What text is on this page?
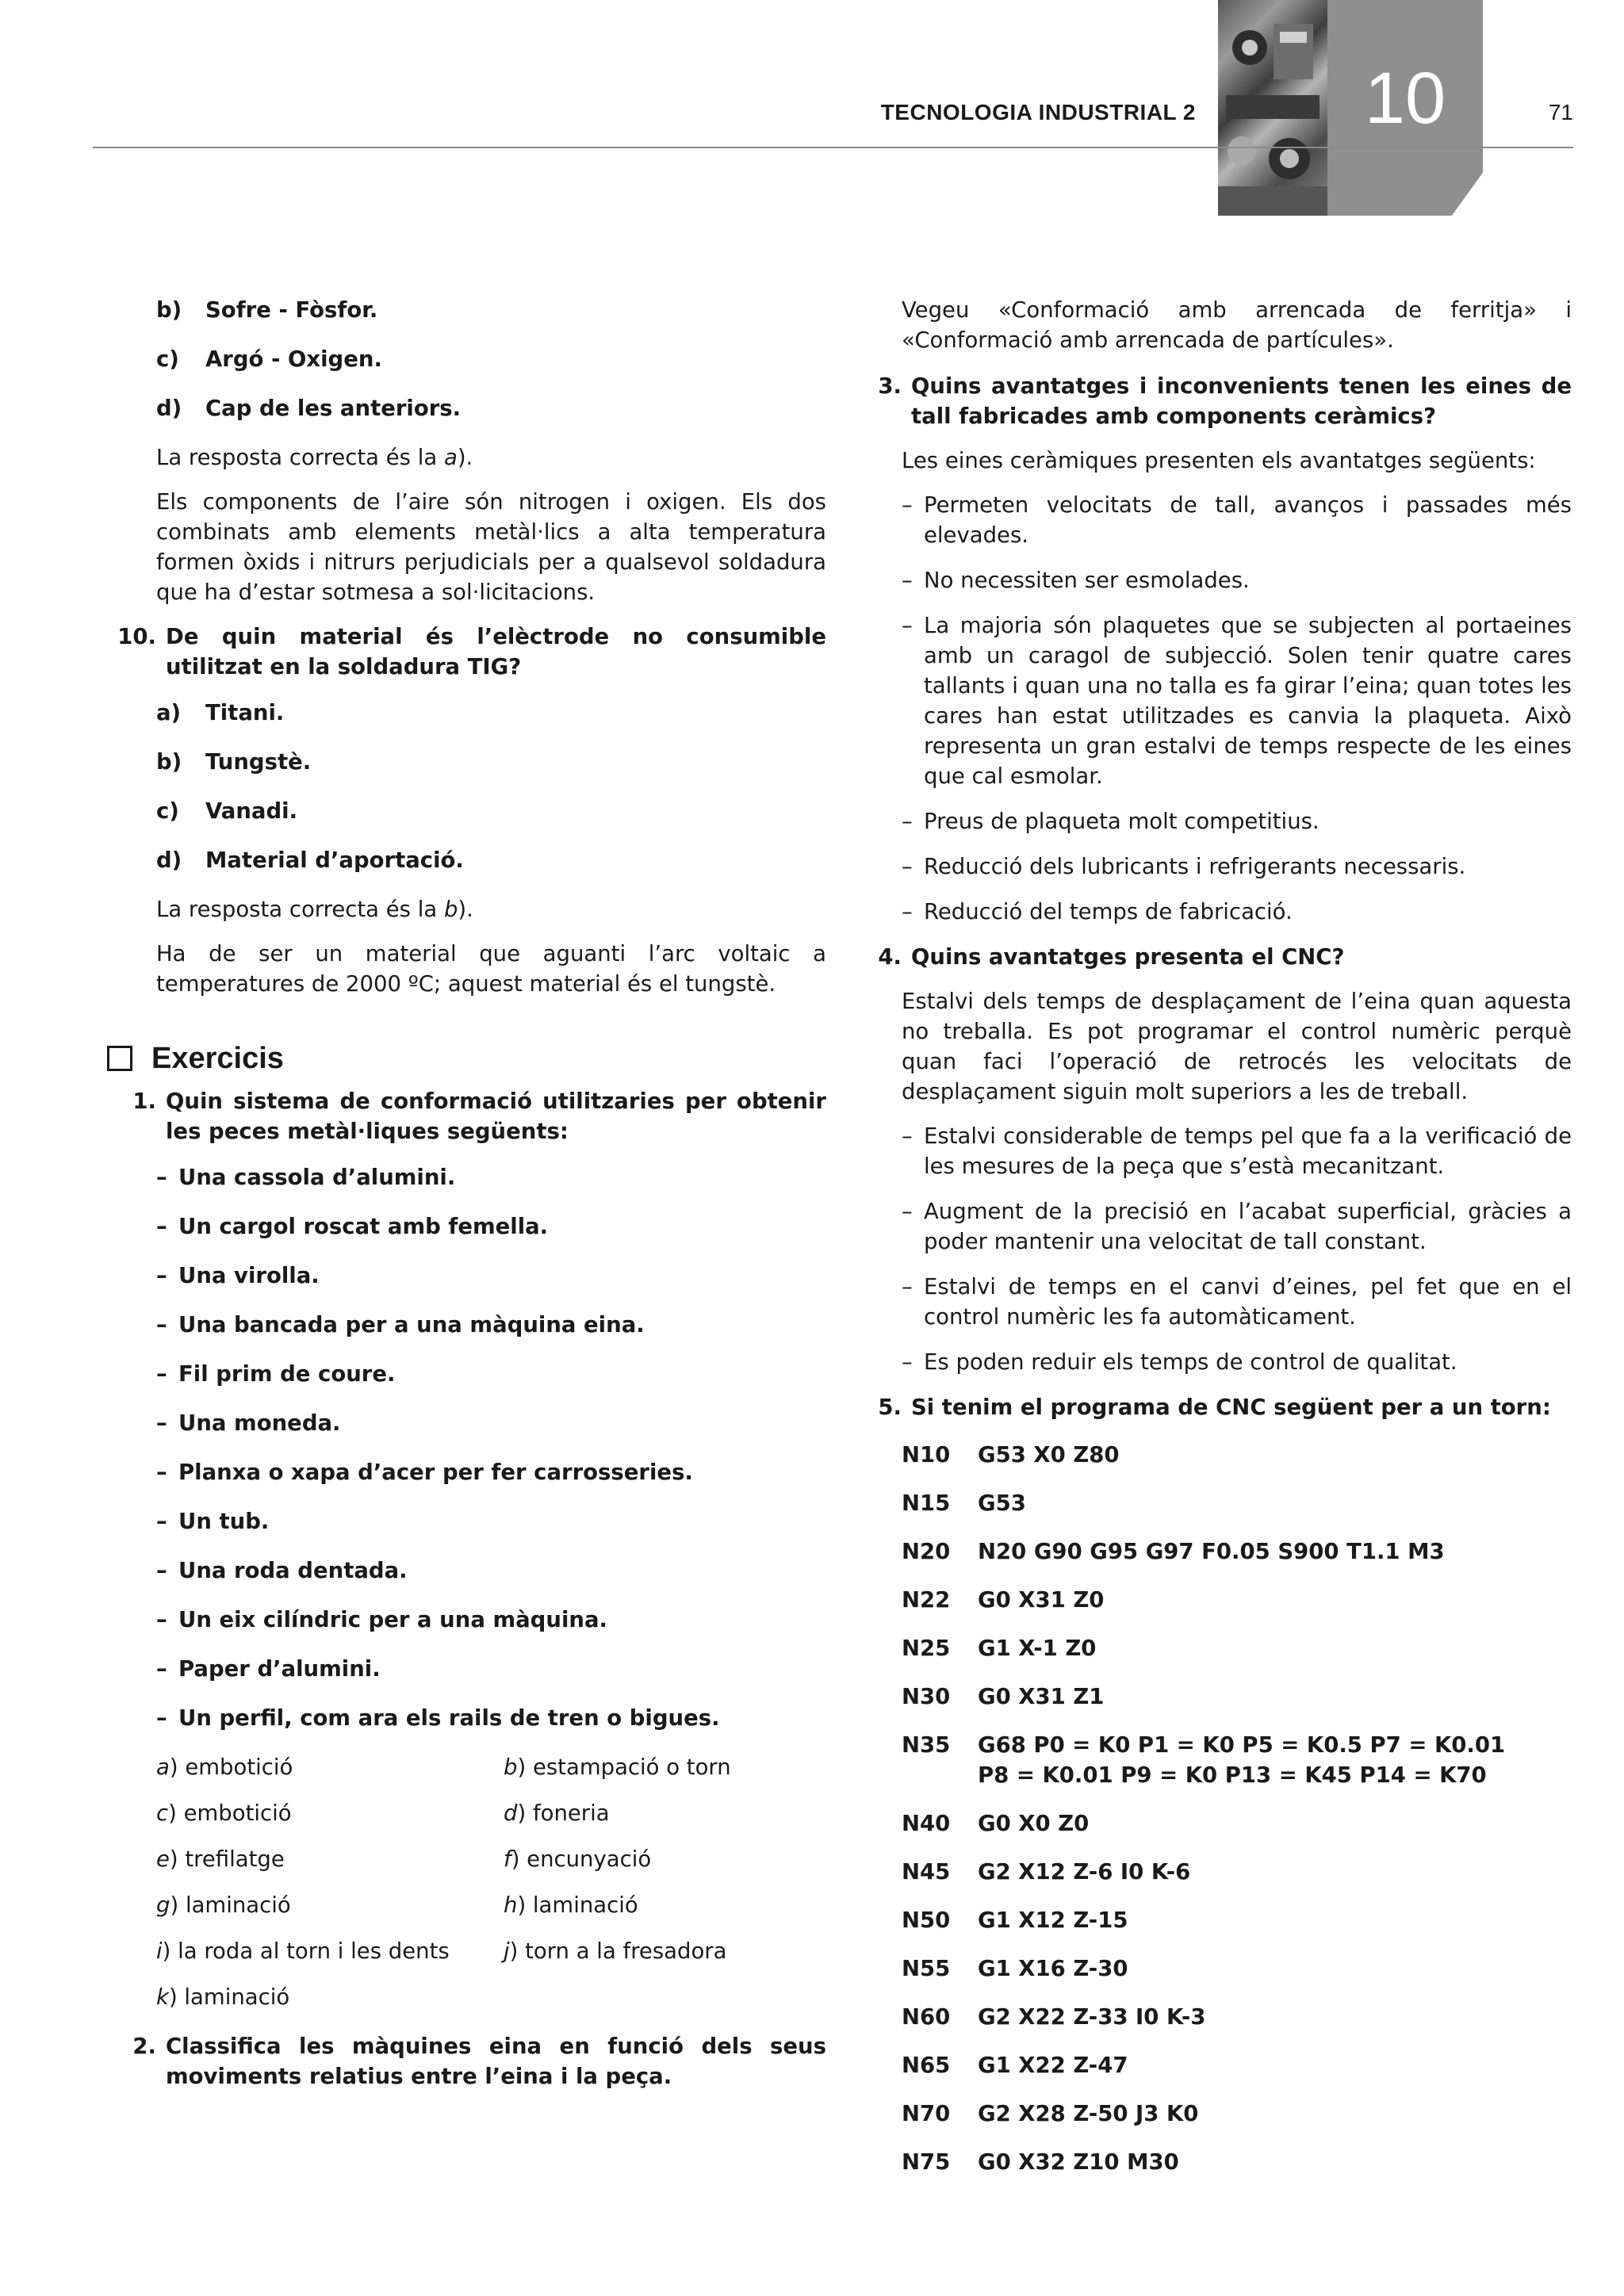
TECNOLOGIA INDUSTRIAL 2	10	71
b)	Sofre - Fòsfor.
c)	Argó - Oxigen.
d)	Cap de les anteriors.

La resposta correcta és la a).

Els components de l’aire són nitrogen i oxigen. Els dos combinats amb elements metàl·lics a alta temperatura formen òxids i nitrurs perjudicials per a qualsevol soldadura que ha d’estar sotmesa a sol·licitacions.

10. De quin material és l’elèctrode no consumible utilitzat en la soldadura TIG?
a)	Titani.
b)	Tungstè.
c)	Vanadi.
d)	Material d’aportació.

La resposta correcta és la b).

Ha de ser un material que aguanti l’arc voltaic a temperatures de 2000 ºC; aquest material és el tungstè.

Exercicis
1. Quin sistema de conformació utilitzaries per obtenir les peces metàl·liques següents:
– Una cassola d’alumini.
– Un cargol roscat amb femella.
– Una virolla.
– Una bancada per a una màquina eina.
– Fil prim de coure.
– Una moneda.
– Planxa o xapa d’acer per fer carrosseries.
– Un tub.
– Una roda dentada.
– Un eix cilíndric per a una màquina.
– Paper d’alumini.
– Un perfil, com ara els rails de tren o bigues.
a) embotició	b) estampació o torn
c) embotició	d) foneria
e) trefilatge	f) encunyació
g) laminació	h) laminació
i) la roda al torn i les dents	j) torn a la fresadora
k) laminació
2. Classifica les màquines eina en funció dels seus moviments relatius entre l’eina i la peça.

Vegeu «Conformació amb arrencada de ferritja» i «Conformació amb arrencada de partícules».

3. Quins avantatges i inconvenients tenen les eines de tall fabricades amb components ceràmics?

Les eines ceràmiques presenten els avantatges següents:

– Permeten velocitats de tall, avanços i passades més elevades.
– No necessiten ser esmolades.
– La majoria són plaquetes que se subjecten al portaeines amb un caragol de subjecció. Solen tenir quatre cares tallants i quan una no talla es fa girar l’eina; quan totes les cares han estat utilitzades es canvia la plaqueta. Això representa un gran estalvi de temps respecte de les eines que cal esmolar.
– Preus de plaqueta molt competitius.
– Reducció dels lubricants i refrigerants necessaris.
– Reducció del temps de fabricació.
4. Quins avantatges presenta el CNC?

Estalvi dels temps de desplaçament de l’eina quan aquesta no treballa. Es pot programar el control numèric perquè quan faci l’operació de retrocés les velocitats de desplaçament siguin molt superiors a les de treball.

– Estalvi considerable de temps pel que fa a la verificació de les mesures de la peça que s’està mecanitzant.
– Augment de la precisió en l’acabat superficial, gràcies a poder mantenir una velocitat de tall constant.
– Estalvi de temps en el canvi d’eines, pel fet que en el control numèric les fa automàticament.
– Es poden reduir els temps de control de qualitat.
5. Si tenim el programa de CNC següent per a un torn:
N10	G53 X0 Z80
N15	G53
N20	N20 G90 G95 G97 F0.05 S900 T1.1 M3
N22	G0 X31 Z0
N25	G1 X-1 Z0
N30	G0 X31 Z1
N35	G68 P0 = K0 P1 = K0 P5 = K0.5 P7 = K0.01
P8 = K0.01 P9 = K0 P13 = K45 P14 = K70
N40	G0 X0 Z0
N45	G2 X12 Z-6 I0 K-6
N50	G1 X12 Z-15
N55	G1 X16 Z-30
N60	G2 X22 Z-33 I0 K-3
N65	G1 X22 Z-47
N70	G2 X28 Z-50 J3 K0
N75	G0 X32 Z10 M30
